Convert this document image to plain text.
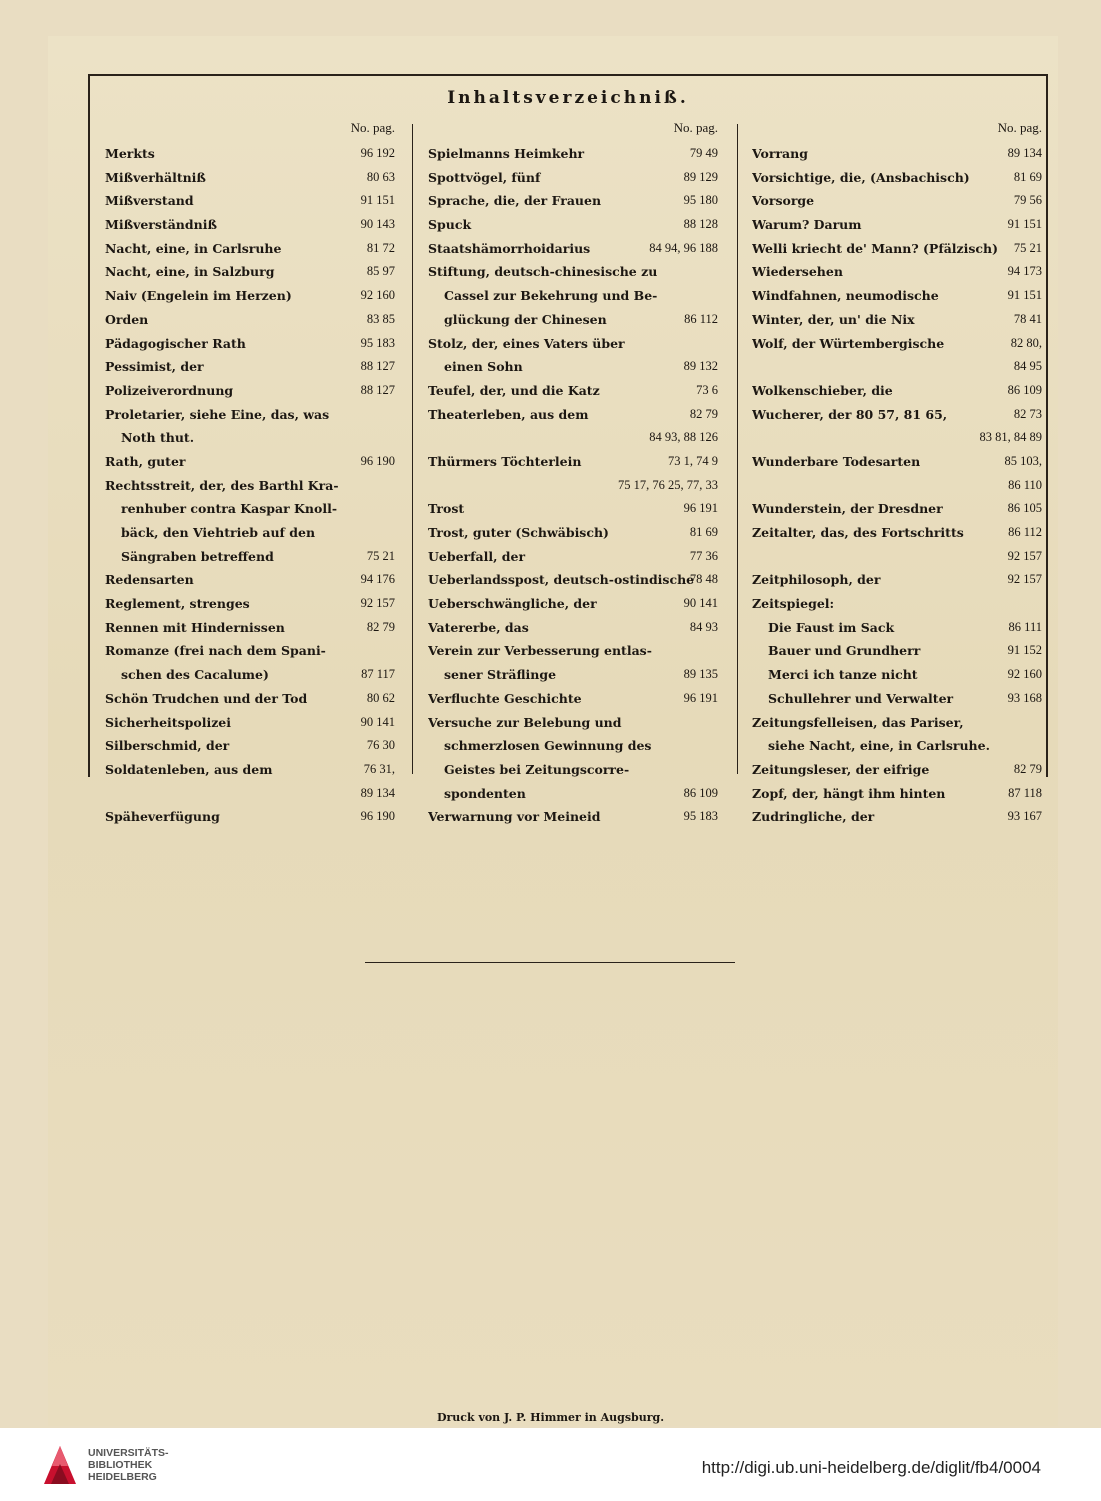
Inhaltsverzeichniß.
No. pag.
Merkts	96 192
Mißverhältniß	80 63
Mißverstand	91 151
Mißverständniß	90 143
Nacht, eine, in Carlsruhe	81 72
Nacht, eine, in Salzburg	85 97
Naiv (Engelein im Herzen)	92 160
Orden	83 85
Pädagogischer Rath	95 183
Pessimist, der	88 127
Polizeiverordnung	88 127
Proletarier, siehe Eine, das, was
Noth thut.
Rath, guter	96 190
Rechtsstreit, der, des Barthl Kra-
renhuber contra Kaspar Knoll-
bäck, den Viehtrieb auf den
Sängraben betreffend	75 21
Redensarten	94 176
Reglement, strenges	92 157
Rennen mit Hindernissen	82 79
Romanze (frei nach dem Spani-
schen des Cacalume)	87 117
Schön Trudchen und der Tod	80 62
Sicherheitspolizei	90 141
Silberschmid, der	76 30
Soldatenleben, aus dem	76 31,
89 134
Späheverfügung	96 190
No. pag.
Spielmanns Heimkehr	79 49
Spottvögel, fünf	89 129
Sprache, die, der Frauen	95 180
Spuck	88 128
Staatshämorrhoidarius	84 94, 96 188
Stiftung, deutsch-chinesische zu
Cassel zur Bekehrung und Be-
glückung der Chinesen	86 112
Stolz, der, eines Vaters über
einen Sohn	89 132
Teufel, der, und die Katz	73 6
Theaterleben, aus dem	82 79
84 93, 88 126
Thürmers Töchterlein	73 1, 74 9
75 17, 76 25, 77, 33
Trost	96 191
Trost, guter (Schwäbisch)	81 69
Ueberfall, der	77 36
Ueberlandsspost, deutsch-ostindische
78 48
Ueberschwängliche, der	90 141
Vatererbe, das	84 93
Verein zur Verbesserung entlas-
sener Sträflinge	89 135
Verfluchte Geschichte	96 191
Versuche zur Belebung und
schmerzlosen Gewinnung des
Geistes bei Zeitungscorre-
spondenten	86 109
Verwarnung vor Meineid	95 183
No. pag.
Vorrang	89 134
Vorsichtige, die, (Ansbachisch)	81 69
Vorsorge	79 56
Warum? Darum	91 151
Welli kriecht de' Mann? (Pfälzisch) 75 21
Wiedersehen	94 173
Windfahnen, neumodische	91 151
Winter, der, un' die Nix	78 41
Wolf, der Würtembergische	82 80,
84 95
Wolkenschieber, die	86 109
Wucherer, der 80 57, 81 65,	82 73
83 81, 84 89
Wunderbare Todesarten	85 103,
86 110
Wunderstein, der Dresdner	86 105
Zeitalter, das, des Fortschritts	86 112
92 157
Zeitphilosoph, der	92 157
Zeitspiegel:
Die Faust im Sack	86 111
Bauer und Grundherr	91 152
Merci ich tanze nicht	92 160
Schullehrer und Verwalter	93 168
Zeitungsfelleisen, das Pariser,
siehe Nacht, eine, in Carlsruhe.
Zeitungsleser, der eifrige	82 79
Zopf, der, hängt ihm hinten	87 118
Zudringliche, der	93 167
Druck von J. P. Himmer in Augsburg.
UNIVERSITÄTS-
BIBLIOTHEK
HEIDELBERG	http://digi.ub.uni-heidelberg.de/diglit/fb4/0004
